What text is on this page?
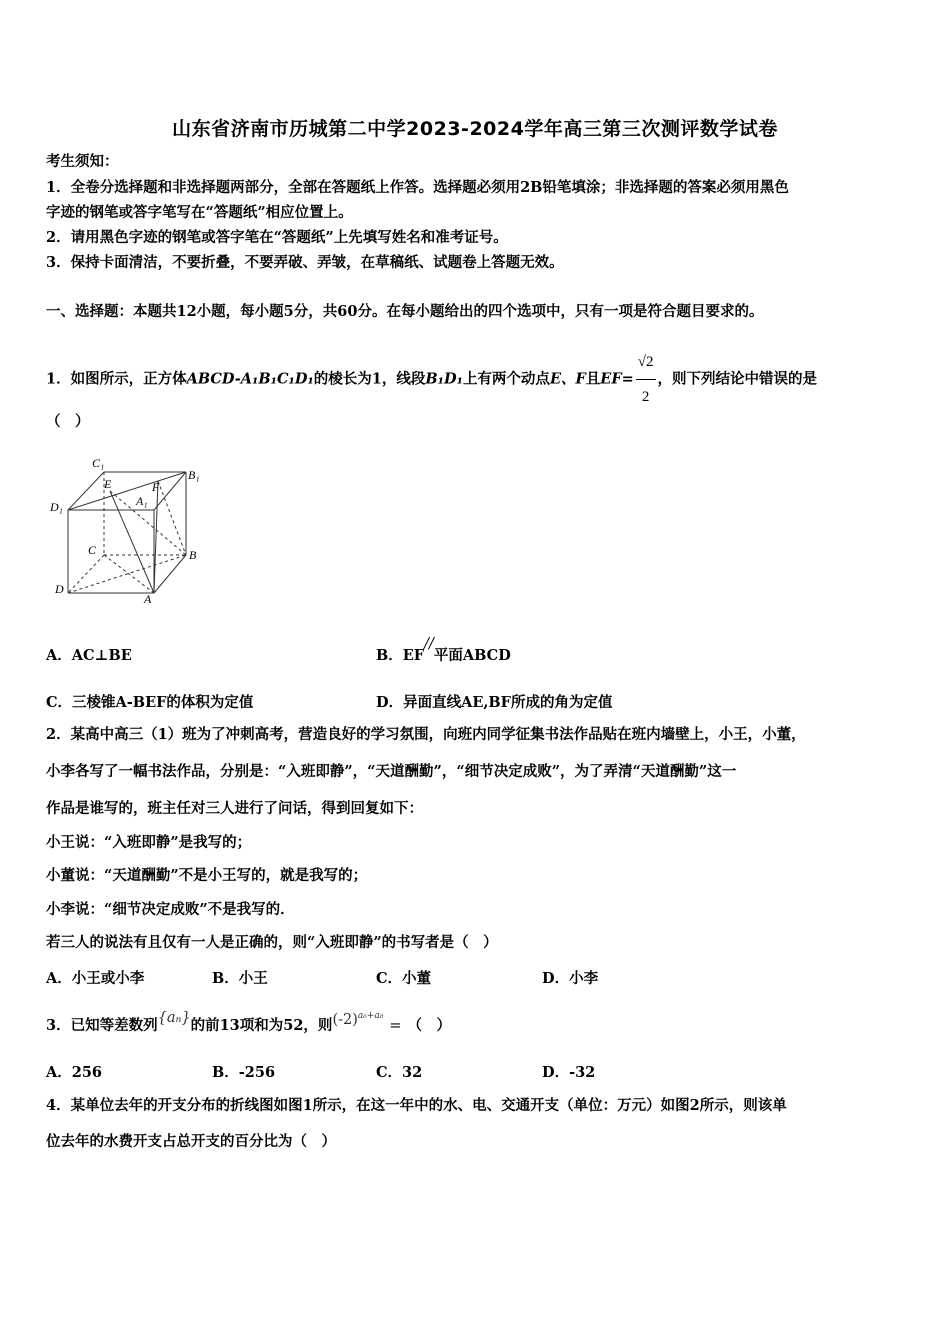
山东省济南市历城第二中学2023-2024学年高三第三次测评数学试卷
考生须知：
1．全卷分选择题和非选择题两部分，全部在答题纸上作答。选择题必须用2B铅笔填涂；非选择题的答案必须用黑色
字迹的钢笔或答字笔写在“答题纸”相应位置上。
2．请用黑色字迹的钢笔或答字笔在“答题纸”上先填写姓名和准考证号。
3．保持卡面清洁，不要折叠，不要弄破、弄皱，在草稿纸、试题卷上答题无效。
一、选择题：本题共12小题，每小题5分，共60分。在每小题给出的四个选项中，只有一项是符合题目要求的。
1．如图所示，正方体ABCD-A₁B₁C₁D₁的棱长为1，线段B₁D₁上有两个动点E、F且$EF= \frac{√2}{2}$ ，则下列结论中错误的是
（　）
C₁
B₁
D₁
E
A₁
F
C	B
D
A
A．AC⊥BE	B．EF//平面ABCD
C．三棱锥A-BEF的体积为定值	D．异面直线AE,BF所成的角为定值
2．某高中高三（1）班为了冲刺高考，营造良好的学习氛围，向班内同学征集书法作品贴在班内墙壁上，小王，小董，
小李各写了一幅书法作品，分别是：“入班即静”，“天道酬勤”，“细节决定成败”，为了弄清“天道酬勤”这一
作品是谁写的，班主任对三人进行了问话，得到回复如下：
小王说：“入班即静”是我写的；
小董说：“天道酬勤”不是小王写的，就是我写的；
小李说：“细节决定成败”不是我写的．
若三人的说法有且仅有一人是正确的，则“入班即静”的书写者是（　）
A．小王或小李	B．小王	C．小董	D．小李
3．已知等差数列{aₙ}的前13项和为52，则$(-2)^{a_6+a_8}=$ （　）
A．256	B．-256	C．32	D．-32
4．某单位去年的开支分布的折线图如图1所示，在这一年中的水、电、交通开支（单位：万元）如图2所示，则该单
位去年的水费开支占总开支的百分比为（　）
